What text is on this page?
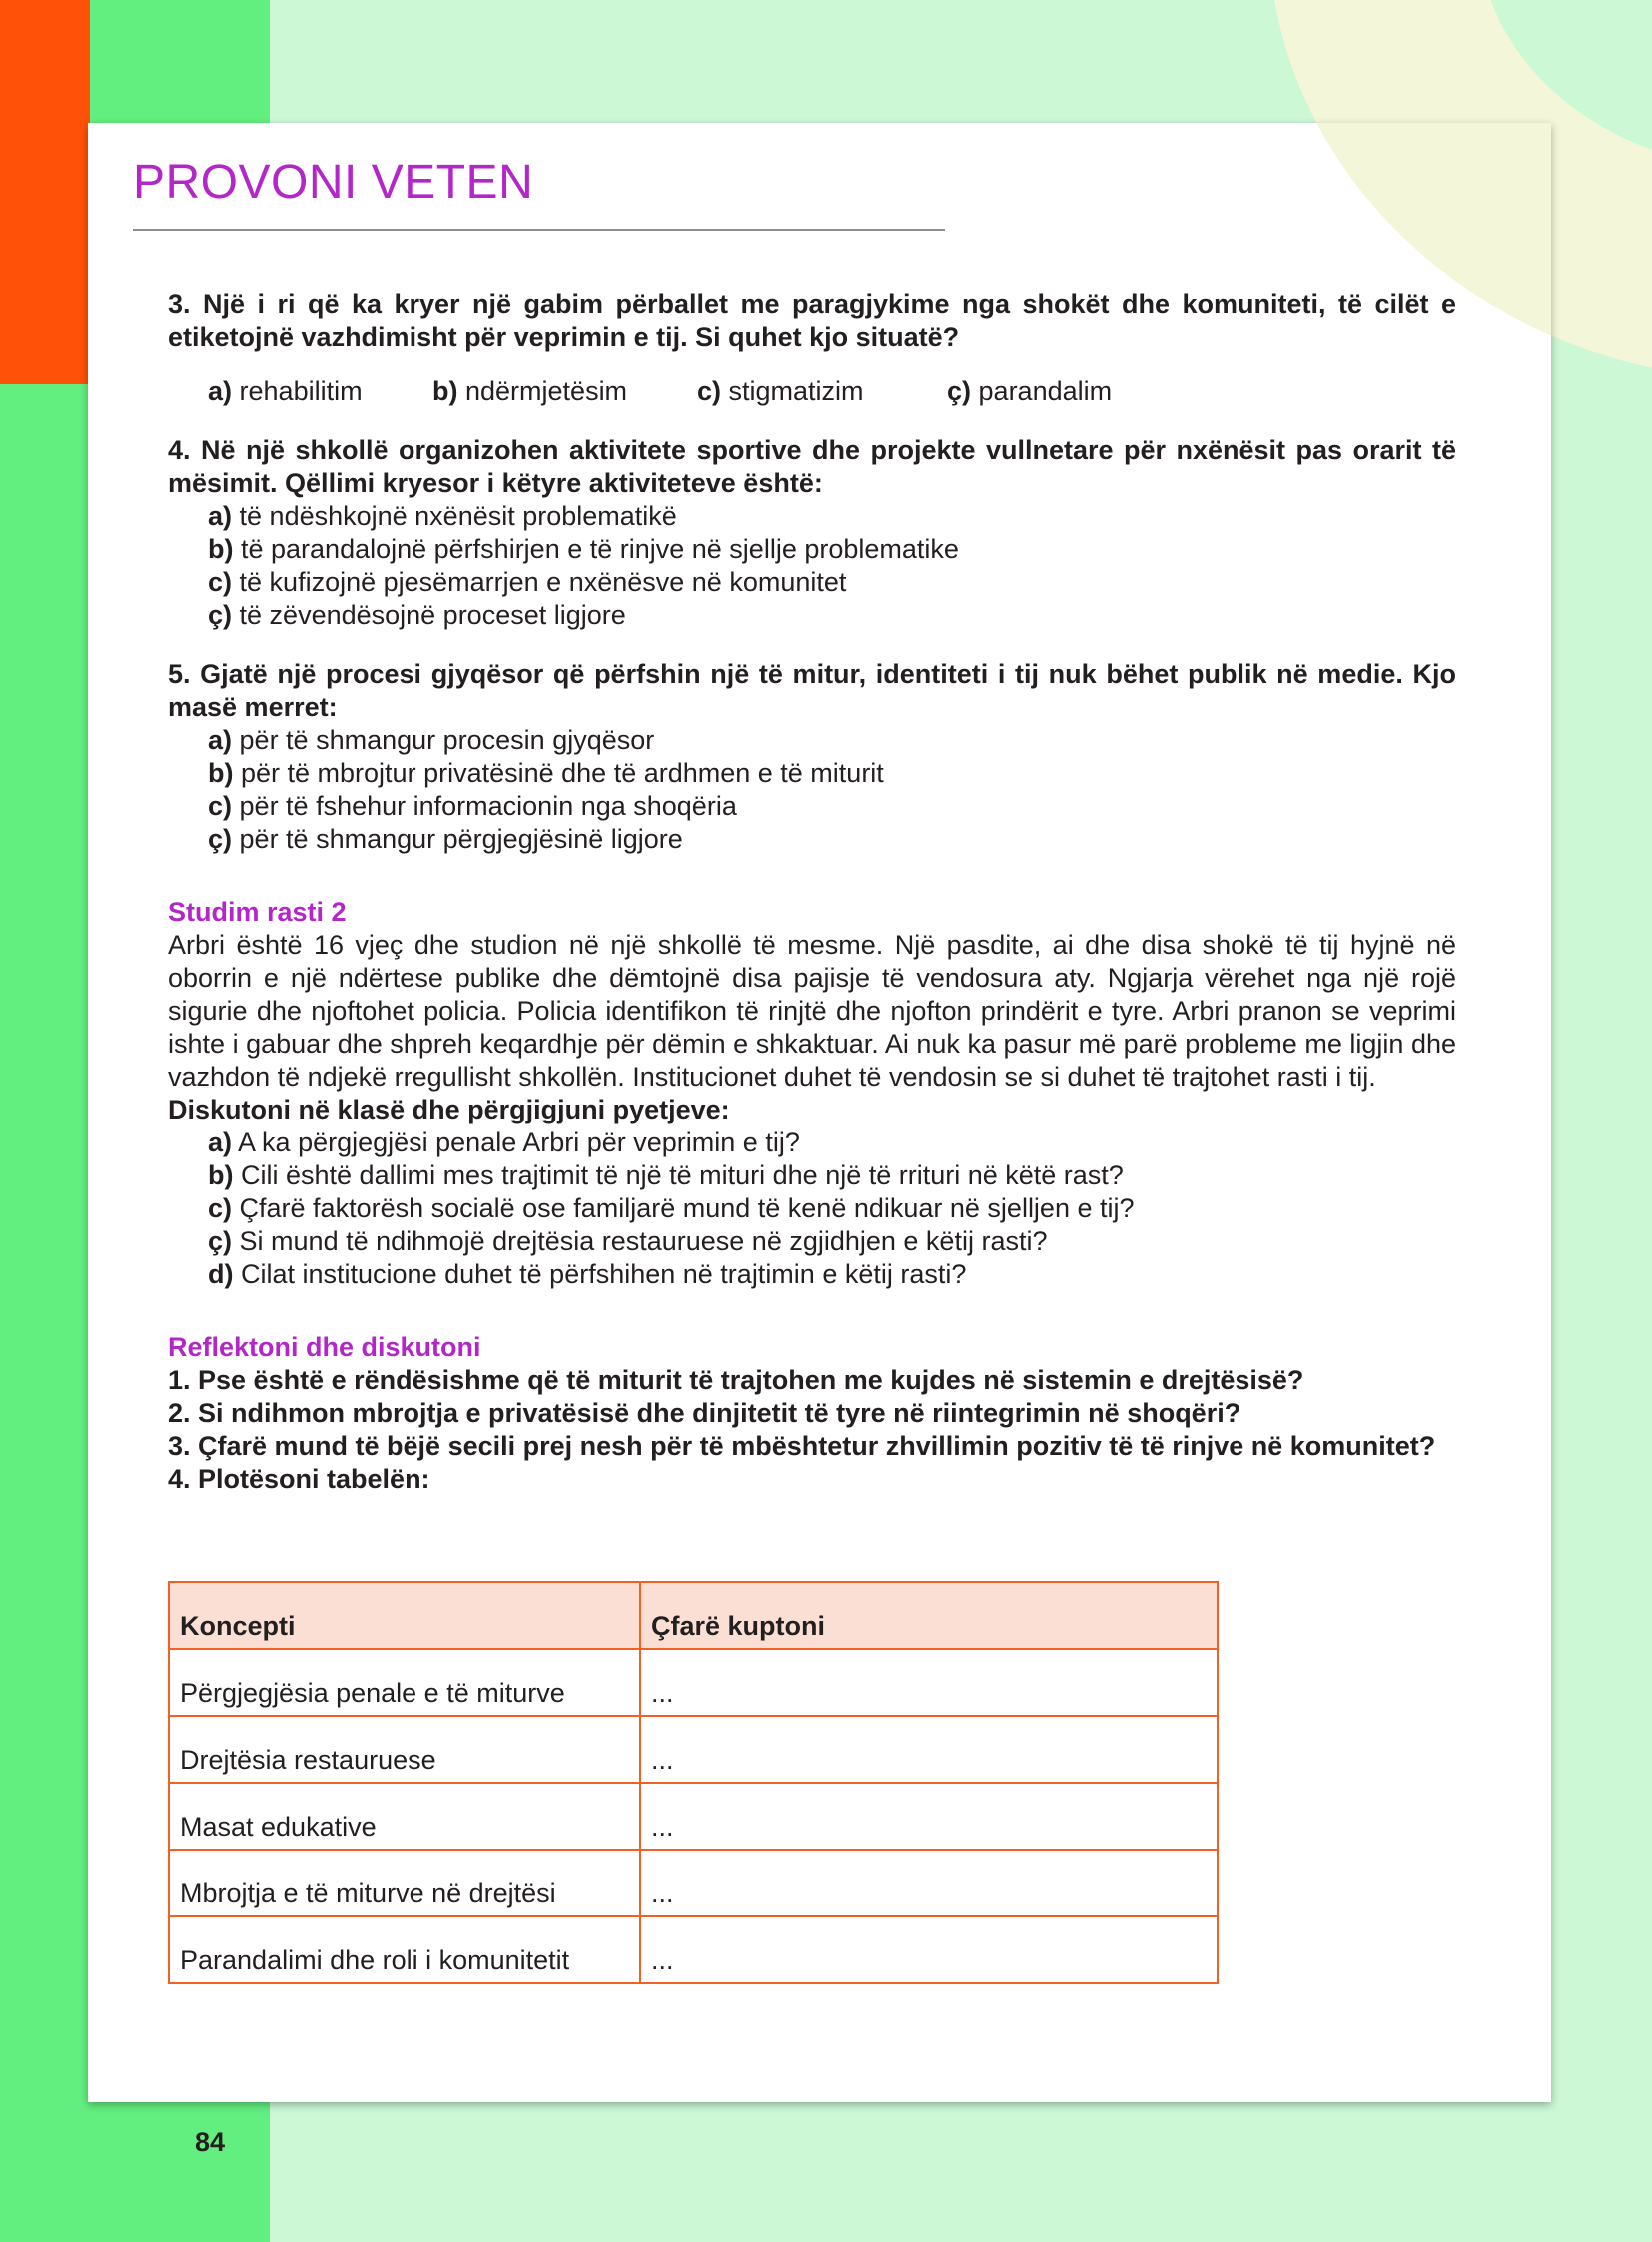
PROVONI VETEN

3. Një i ri që ka kryer një gabim përballet me paragjykime nga shokët dhe komuniteti, të cilët e etiketojnë vazhdimisht për veprimin e tij. Si quhet kjo situatë?

a) rehabilitim	b) ndërmjetësim	c) stigmatizim	ç) parandalim

4. Në një shkollë organizohen aktivitete sportive dhe projekte vullnetare për nxënësit pas orarit të mësimit. Qëllimi kryesor i këtyre aktiviteteve është:

a) të ndëshkojnë nxënësit problematikë

b) të parandalojnë përfshirjen e të rinjve në sjellje problematike

c) të kufizojnë pjesëmarrjen e nxënësve në komunitet

ç) të zëvendësojnë proceset ligjore

5. Gjatë një procesi gjyqësor që përfshin një të mitur, identiteti i tij nuk bëhet publik në medie. Kjo masë merret:

a) për të shmangur procesin gjyqësor

b) për të mbrojtur privatësinë dhe të ardhmen e të miturit

c) për të fshehur informacionin nga shoqëria

ç) për të shmangur përgjegjësinë ligjore

Studim rasti 2

Arbri është 16 vjeç dhe studion në një shkollë të mesme. Një pasdite, ai dhe disa shokë të tij hyjnë në oborrin e një ndërtese publike dhe dëmtojnë disa pajisje të vendosura aty. Ngjarja vërehet nga një rojë sigurie dhe njoftohet policia. Policia identifikon të rinjtë dhe njofton prindërit e tyre. Arbri pranon se veprimi ishte i gabuar dhe shpreh keqardhje për dëmin e shkaktuar. Ai nuk ka pasur më parë probleme me ligjin dhe vazhdon të ndjekë rregullisht shkollën. Institucionet duhet të vendosin se si duhet të trajtohet rasti i tij.

Diskutoni në klasë dhe përgjigjuni pyetjeve:

a) A ka përgjegjësi penale Arbri për veprimin e tij?

b) Cili është dallimi mes trajtimit të një të mituri dhe një të rrituri në këtë rast?

c) Çfarë faktorësh socialë ose familjarë mund të kenë ndikuar në sjelljen e tij?

ç) Si mund të ndihmojë drejtësia restauruese në zgjidhjen e këtij rasti?

d) Cilat institucione duhet të përfshihen në trajtimin e këtij rasti?

Reflektoni dhe diskutoni

1. Pse është e rëndësishme që të miturit të trajtohen me kujdes në sistemin e drejtësisë?

2. Si ndihmon mbrojtja e privatësisë dhe dinjitetit të tyre në riintegrimin në shoqëri?

3. Çfarë mund të bëjë secili prej nesh për të mbështetur zhvillimin pozitiv të të rinjve në komunitet?

4. Plotësoni tabelën:

Koncepti	Çfarë kuptoni
Përgjegjësia penale e të miturve	...
Drejtësia restauruese	...
Masat edukative	...
Mbrojtja e të miturve në drejtësi	...
Parandalimi dhe roli i komunitetit	...
84
